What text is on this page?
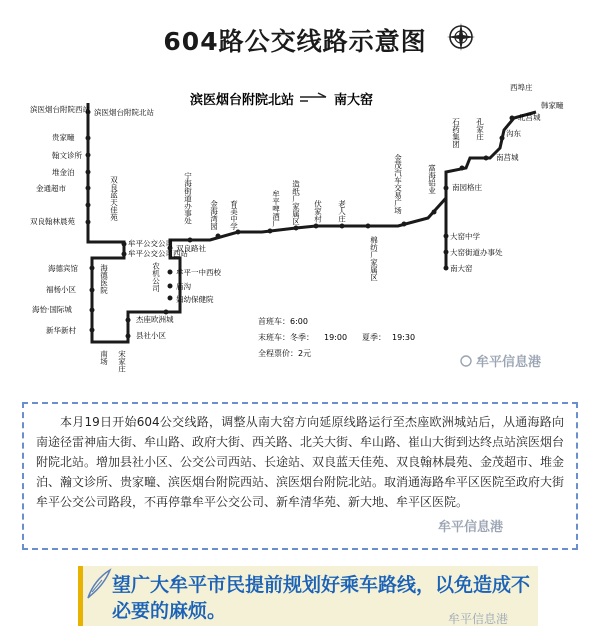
604路公交线路示意图
滨医烟台附院北站	南大窑
滨医烟台附院北站
滨医烟台附院西站
贵家疃
翰文诊所
堆金泊
金通超市
双良翰林晨苑
牟平公交公司
牟平公交公司西站
海德宾馆
福杨小区
海怡·国际城
新华新村
县社小区
杰座欧洲城
妇幼保健院
庙沟
牟平一中西校
双良路社
大窑中学
大窑街道办事处
南大窑
南园格庄
南莒城
沟东
北莒城
西埠庄
韩家疃
双良蓝天佳苑
海德医院
南场 宋家庄
农机公司
宁海街道办事处 金海湾园 育美中学	牟平啤酒厂 造纸厂家属区 伏家村 老人庄	金茂汽车交易广场
棉纺厂家属区
富海铝业
石药集团 孔家庄
首班车：6:00
末班车：冬季： 19:00 夏季： 19:30
全程票价：2元
牟平信息港
本月19日开始604公交线路，调整从南大窑方向延原线路运行至杰座欧洲城站后，从通海路向南途径雷神庙大街、牟山路、政府大街、西关路、北关大街、牟山路、崔山大街到达终点站滨医烟台附院北站。增加县社小区、公交公司西站、长途站、双良蓝天佳苑、双良翰林晨苑、金茂超市、堆金泊、瀚文诊所、贵家疃、滨医烟台附院西站、滨医烟台附院北站。取消通海路牟平区医院至政府大街牟平公交公司路段，不再停靠牟平公交公司、新牟清华苑、新大地、牟平区医院。
牟平信息港
望广大牟平市民提前规划好乘车路线，以免造成不必要的麻烦。	牟平信息港
